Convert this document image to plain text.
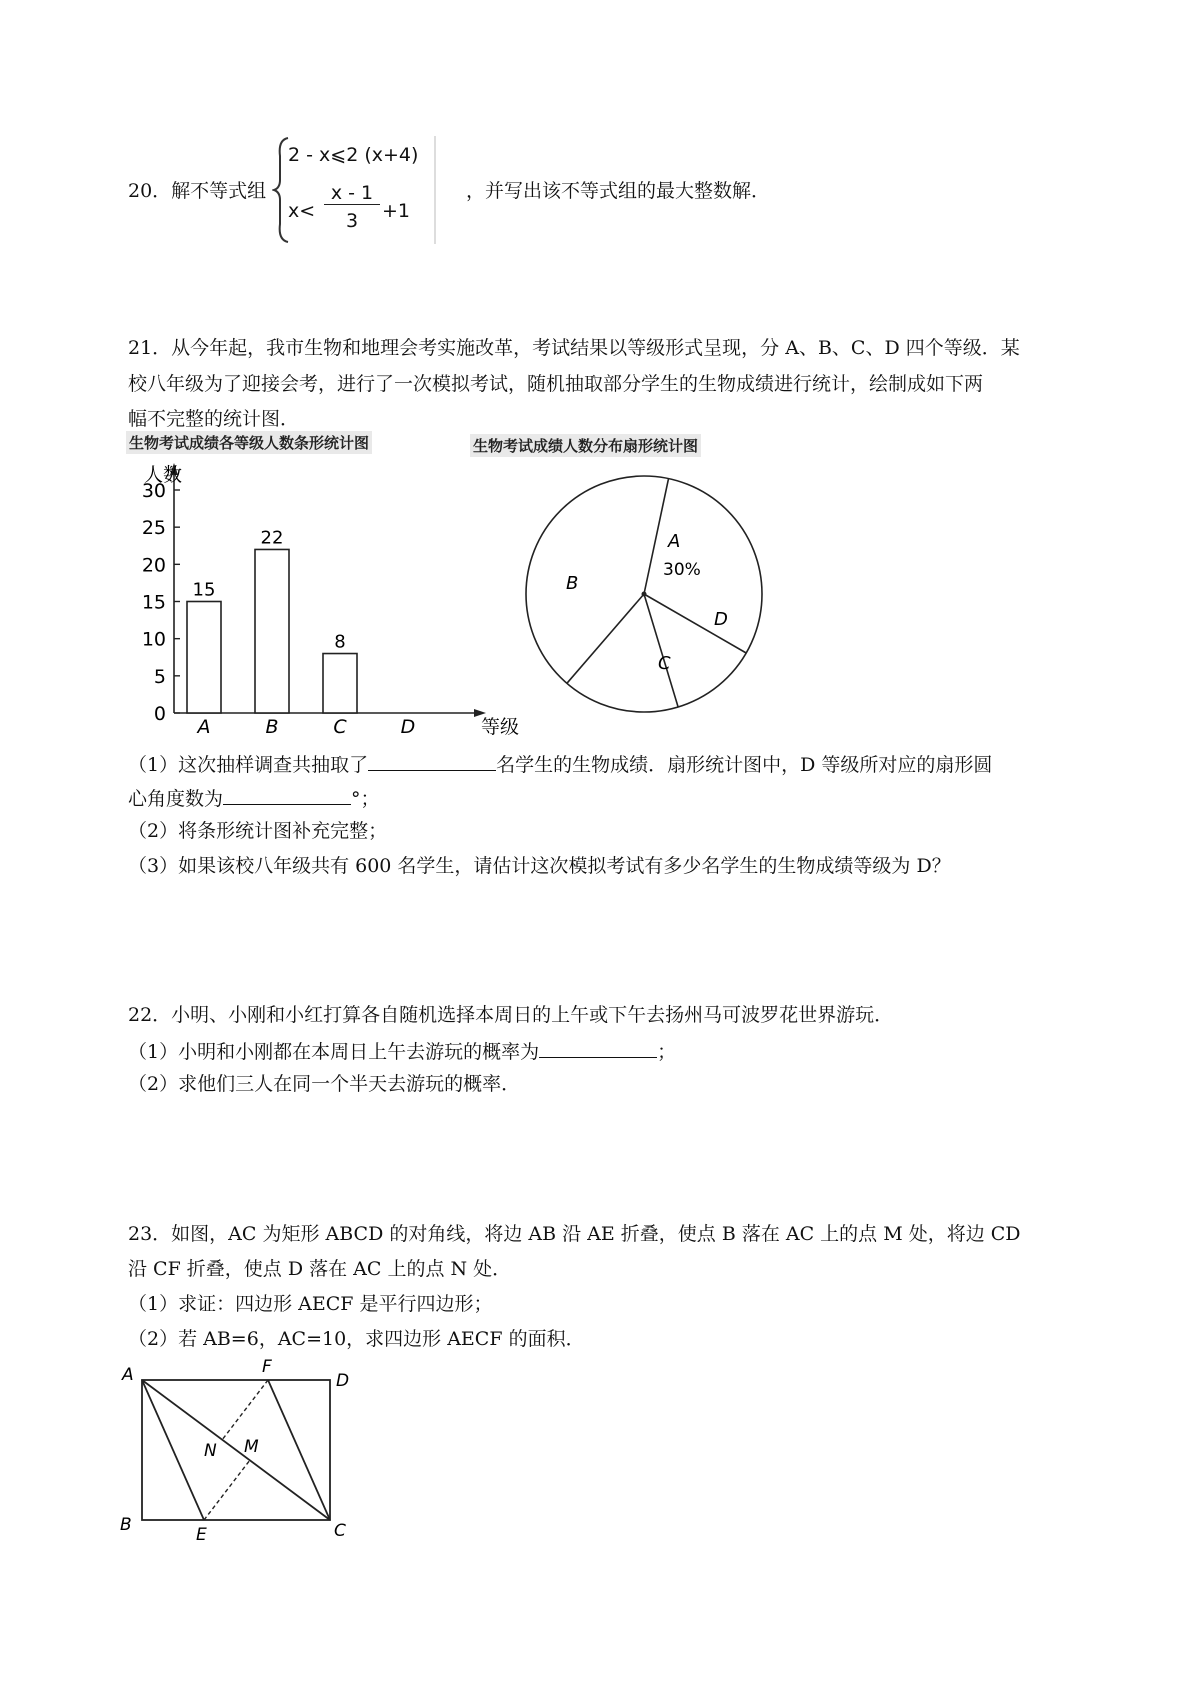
20．解不等式组
2 - x⩽2 (x+4)
x<
x - 1
3	+1
，并写出该不等式组的最大整数解．
21．从今年起，我市生物和地理会考实施改革，考试结果以等级形式呈现，分 A、B、C、D 四个等级．某
校八年级为了迎接会考，进行了一次模拟考试，随机抽取部分学生的生物成绩进行统计，绘制成如下两
幅不完整的统计图．
生物考试成绩各等级人数条形统计图	生物考试成绩人数分布扇形统计图
人数
等级
0
5
10
15
20
25
30
15
22
8
A	B	C	D
A
30%
D
C
B
（1）这次抽样调查共抽取了	名学生的生物成绩．扇形统计图中，D 等级所对应的扇形圆
心角度数为	°；
（2）将条形统计图补充完整；
（3）如果该校八年级共有 600 名学生，请估计这次模拟考试有多少名学生的生物成绩等级为 D？
22．小明、小刚和小红打算各自随机选择本周日的上午或下午去扬州马可波罗花世界游玩．
（1）小明和小刚都在本周日上午去游玩的概率为	；
（2）求他们三人在同一个半天去游玩的概率．
23．如图，AC 为矩形 ABCD 的对角线，将边 AB 沿 AE 折叠，使点 B 落在 AC 上的点 M 处，将边 CD
沿 CF 折叠，使点 D 落在 AC 上的点 N 处．
（1）求证：四边形 AECF 是平行四边形；
（2）若 AB=6，AC=10，求四边形 AECF 的面积．
A	F
D
B	E	C
N M
